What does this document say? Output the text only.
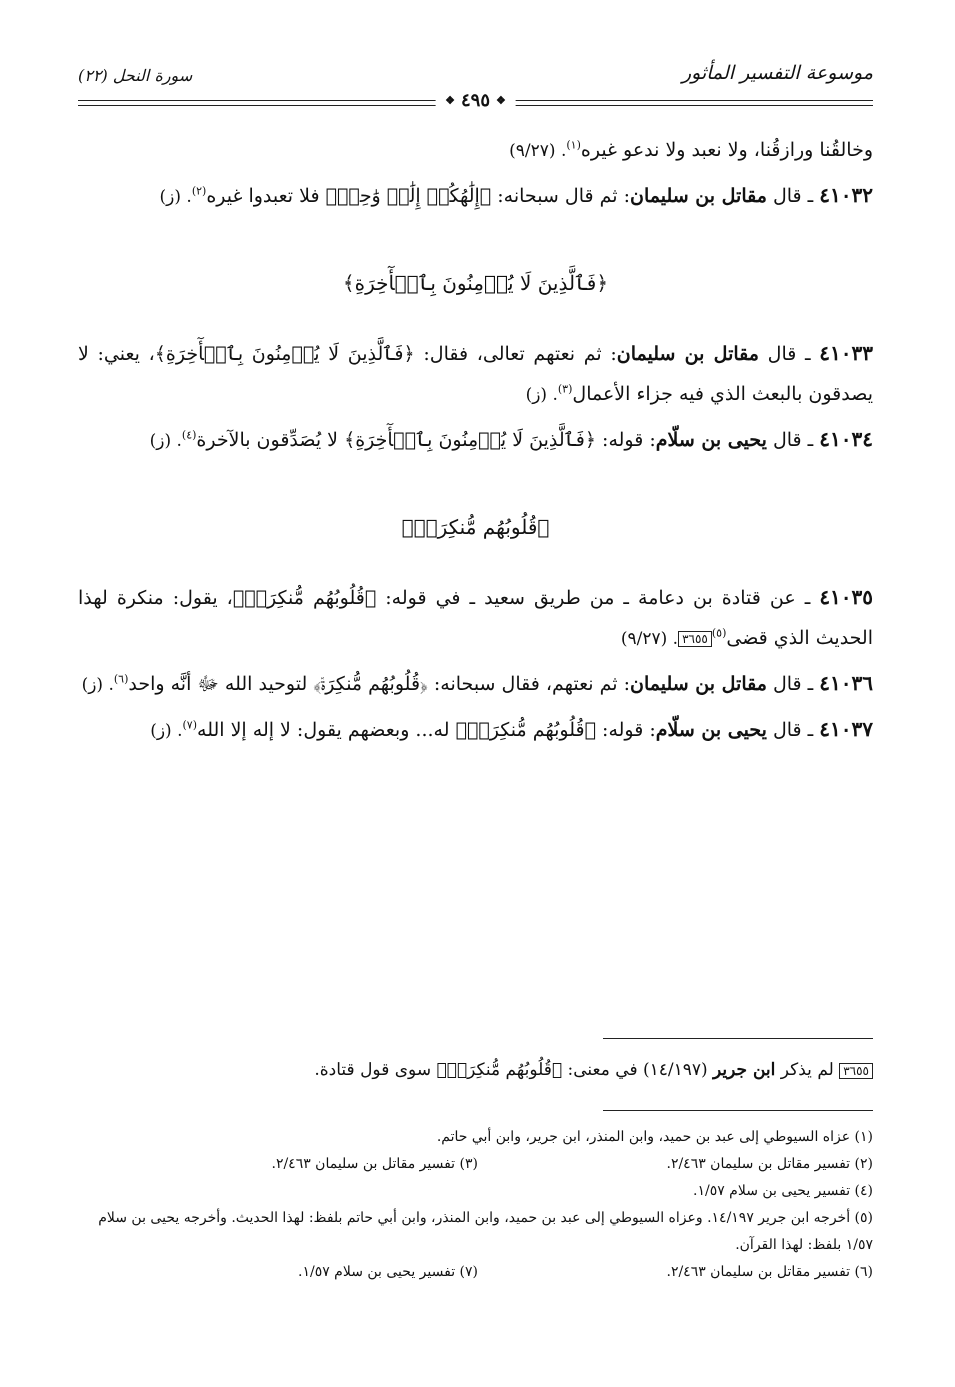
موسوعة التفسير المأثور
سورة النحل (٢٢)
❖ ٤٩٥ ❖

وخالقُنا ورازقُنا، ولا نعبد ولا ندعو غيره$^{(١)}$. (٩/٢٧)

٤١٠٣٢ ـ قال مقاتل بن سليمان: ثم قال سبحانه: ﴿إِلَٰهُكُمۡ إِلَٰهٞ وَٰحِدٞ﴾ فلا تعبدوا غيره$^{(٢)}$. (ز)

﴿فَٱلَّذِينَ لَا يُؤۡمِنُونَ بِٱلۡأٓخِرَةِ﴾

٤١٠٣٣ ـ قال مقاتل بن سليمان: ثم نعتهم تعالى، فقال: ﴿فَٱلَّذِينَ لَا يُؤۡمِنُونَ بِٱلۡأٓخِرَةِ﴾، يعني: لا يصدقون بالبعث الذي فيه جزاء الأعمال$^{(٣)}$. (ز)

٤١٠٣٤ ـ قال يحيى بن سلّام: قوله: ﴿فَٱلَّذِينَ لَا يُؤۡمِنُونَ بِٱلۡأٓخِرَةِ﴾ لا يُصَدِّقون بالآخرة$^{(٤)}$. (ز)

﴿قُلُوبُهُم مُّنكِرَةٞ﴾

٤١٠٣٥ ـ عن قتادة بن دعامة ـ من طريق سعيد ـ في قوله: ﴿قُلُوبُهُم مُّنكِرَةٞ﴾، يقول: منكرة لهذا الحديث الذي قضى$^{(٥)}$٣٦٥٥. (٩/٢٧)

٤١٠٣٦ ـ قال مقاتل بن سليمان: ثم نعتهم، فقال سبحانه: ﴿قُلُوبُهُم مُّنكِرَةٞ﴾ لتوحيد الله ﷻ أنَّه واحد$^{(٦)}$. (ز)

٤١٠٣٧ ـ قال يحيى بن سلّام: قوله: ﴿قُلُوبُهُم مُّنكِرَةٞ﴾ له... وبعضهم يقول: لا إله إلا الله$^{(٧)}$. (ز)

٣٦٥٥ لم يذكر ابن جرير (١٤/١٩٧) في معنى: ﴿قُلُوبُهُم مُّنكِرَةٞ﴾ سوى قول قتادة.
(١) عزاه السيوطي إلى عبد بن حميد، وابن المنذر، ابن جرير، وابن أبي حاتم.
(٢) تفسير مقاتل بن سليمان ٢/٤٦٣.
(٣) تفسير مقاتل بن سليمان ٢/٤٦٣.
(٤) تفسير يحيى بن سلام ١/٥٧.
(٥) أخرجه ابن جرير ١٤/١٩٧. وعزاه السيوطي إلى عبد بن حميد، وابن المنذر، وابن أبي حاتم بلفظ: لهذا الحديث. وأخرجه يحيى بن سلام ١/٥٧ بلفظ: لهذا القرآن.
(٦) تفسير مقاتل بن سليمان ٢/٤٦٣.
(٧) تفسير يحيى بن سلام ١/٥٧.
